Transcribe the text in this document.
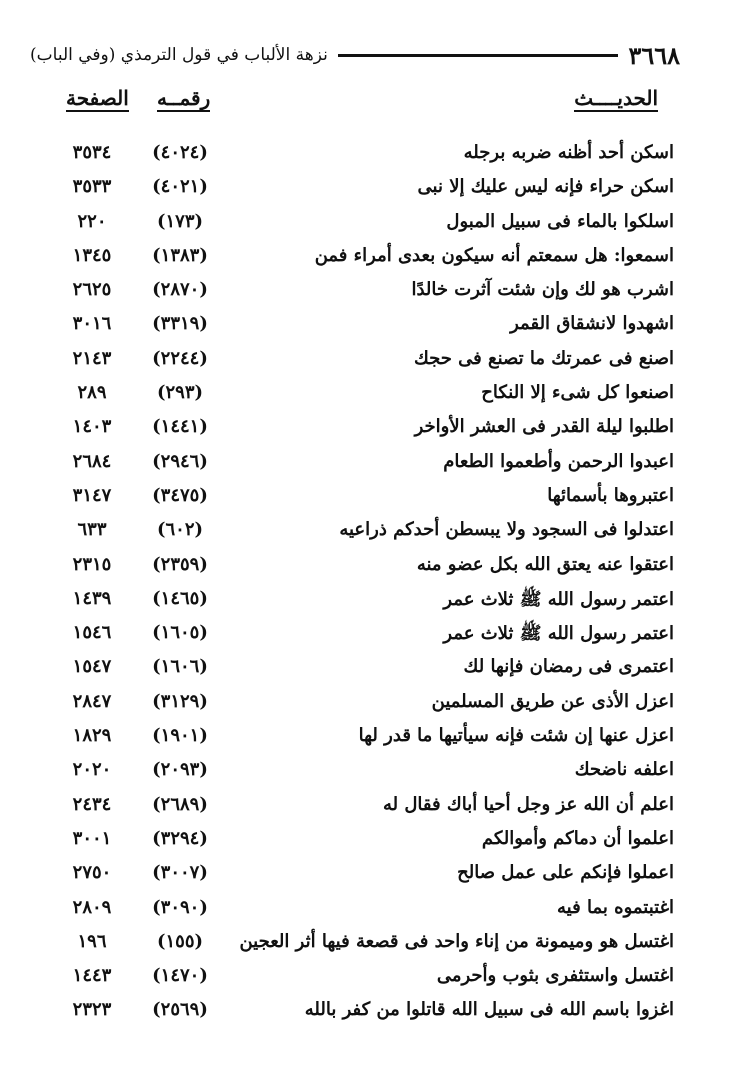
٣٦٦٨
نزهة الألباب في قول الترمذي (وفي الباب)
الحديــــث
رقمــه
الصفحة
اسكن أحد أظنه ضربه برجله
(٤٠٢٤)
٣٥٣٤
اسكن حراء فإنه ليس عليك إلا نبى
(٤٠٢١)
٣٥٣٣
اسلكوا بالماء فى سبيل المبول
(١٧٣)
٢٢٠
اسمعوا: هل سمعتم أنه سيكون بعدى أمراء فمن
(١٣٨٣)
١٣٤٥
اشرب هو لك وإن شئت آثرت خالدًا
(٢٨٧٠)
٢٦٢٥
اشهدوا لانشقاق القمر
(٣٣١٩)
٣٠١٦
اصنع فى عمرتك ما تصنع فى حجك
(٢٢٤٤)
٢١٤٣
اصنعوا كل شىء إلا النكاح
(٢٩٣)
٢٨٩
اطلبوا ليلة القدر فى العشر الأواخر
(١٤٤١)
١٤٠٣
اعبدوا الرحمن وأطعموا الطعام
(٢٩٤٦)
٢٦٨٤
اعتبروها بأسمائها
(٣٤٧٥)
٣١٤٧
اعتدلوا فى السجود ولا يبسطن أحدكم ذراعيه
(٦٠٢)
٦٣٣
اعتقوا عنه يعتق الله بكل عضو منه
(٢٣٥٩)
٢٣١٥
اعتمر رسول الله ﷺ ثلاث عمر
(١٤٦٥)
١٤٣٩
اعتمر رسول الله ﷺ ثلاث عمر
(١٦٠٥)
١٥٤٦
اعتمرى فى رمضان فإنها لك
(١٦٠٦)
١٥٤٧
اعزل الأذى عن طريق المسلمين
(٣١٢٩)
٢٨٤٧
اعزل عنها إن شئت فإنه سيأتيها ما قدر لها
(١٩٠١)
١٨٢٩
اعلفه ناضحك
(٢٠٩٣)
٢٠٢٠
اعلم أن الله عز وجل أحيا أباك فقال له
(٢٦٨٩)
٢٤٣٤
اعلموا أن دماكم وأموالكم
(٣٢٩٤)
٣٠٠١
اعملوا فإنكم على عمل صالح
(٣٠٠٧)
٢٧٥٠
اغتبتموه بما فيه
(٣٠٩٠)
٢٨٠٩
اغتسل هو وميمونة من إناء واحد فى قصعة فيها أثر العجين
(١٥٥)
١٩٦
اغتسل واستثفرى بثوب وأحرمى
(١٤٧٠)
١٤٤٣
اغزوا باسم الله فى سبيل الله قاتلوا من كفر بالله
(٢٥٦٩)
٢٣٢٣
